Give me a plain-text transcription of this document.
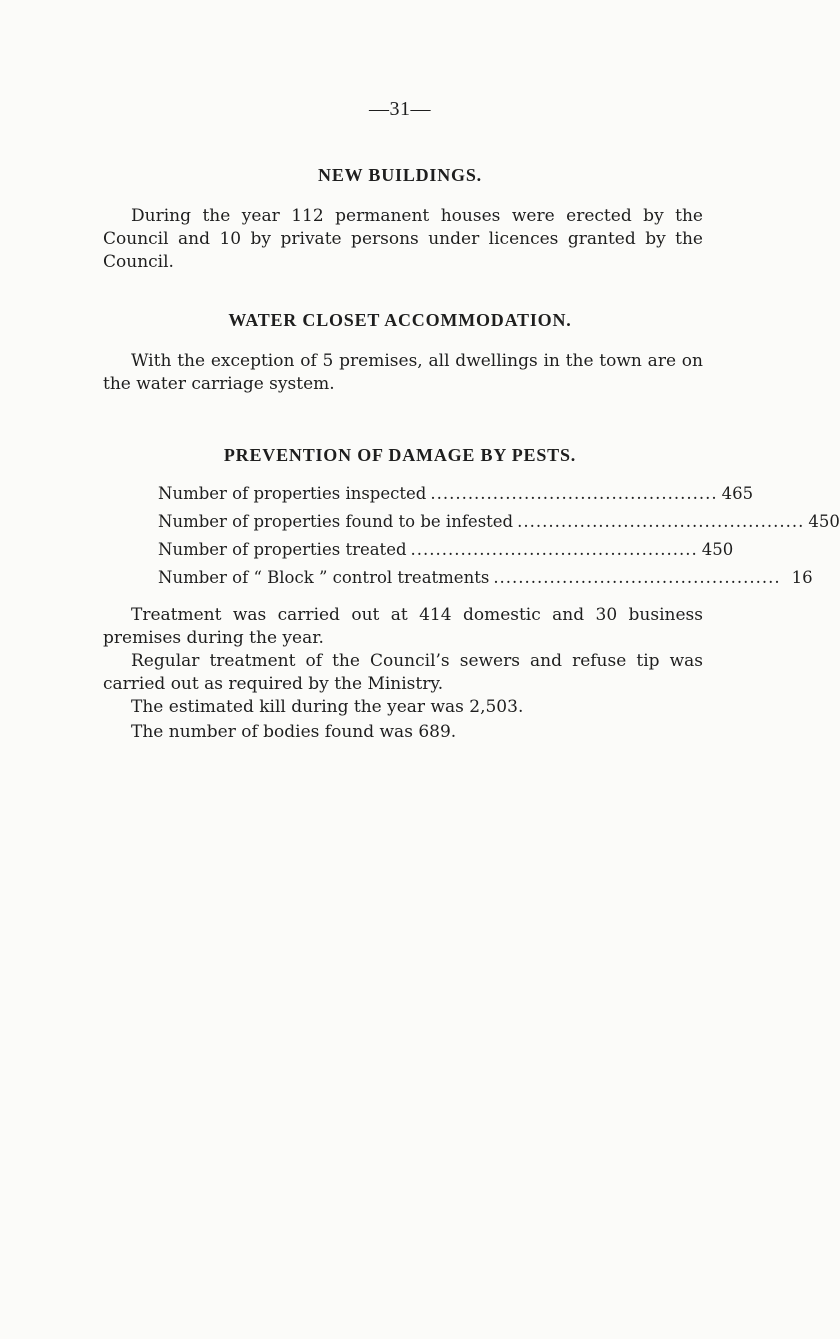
—31—
NEW BUILDINGS.
During the year 112 permanent houses were erected by the Council and 10 by private persons under licences granted by the Council.
WATER CLOSET ACCOMMODATION.
With the exception of 5 premises, all dwellings in the town are on the water carriage system.
PREVENTION OF DAMAGE BY PESTS.
Number of properties inspected .............................................. 465
Number of properties found to be infested .............................................. 450
Number of properties treated .............................................. 450
Number of “ Block ” control treatments .............................................. 16
Treatment was carried out at 414 domestic and 30 business premises during the year.
Regular treatment of the Council’s sewers and refuse tip was carried out as required by the Ministry.
The estimated kill during the year was 2,503.
The number of bodies found was 689.
